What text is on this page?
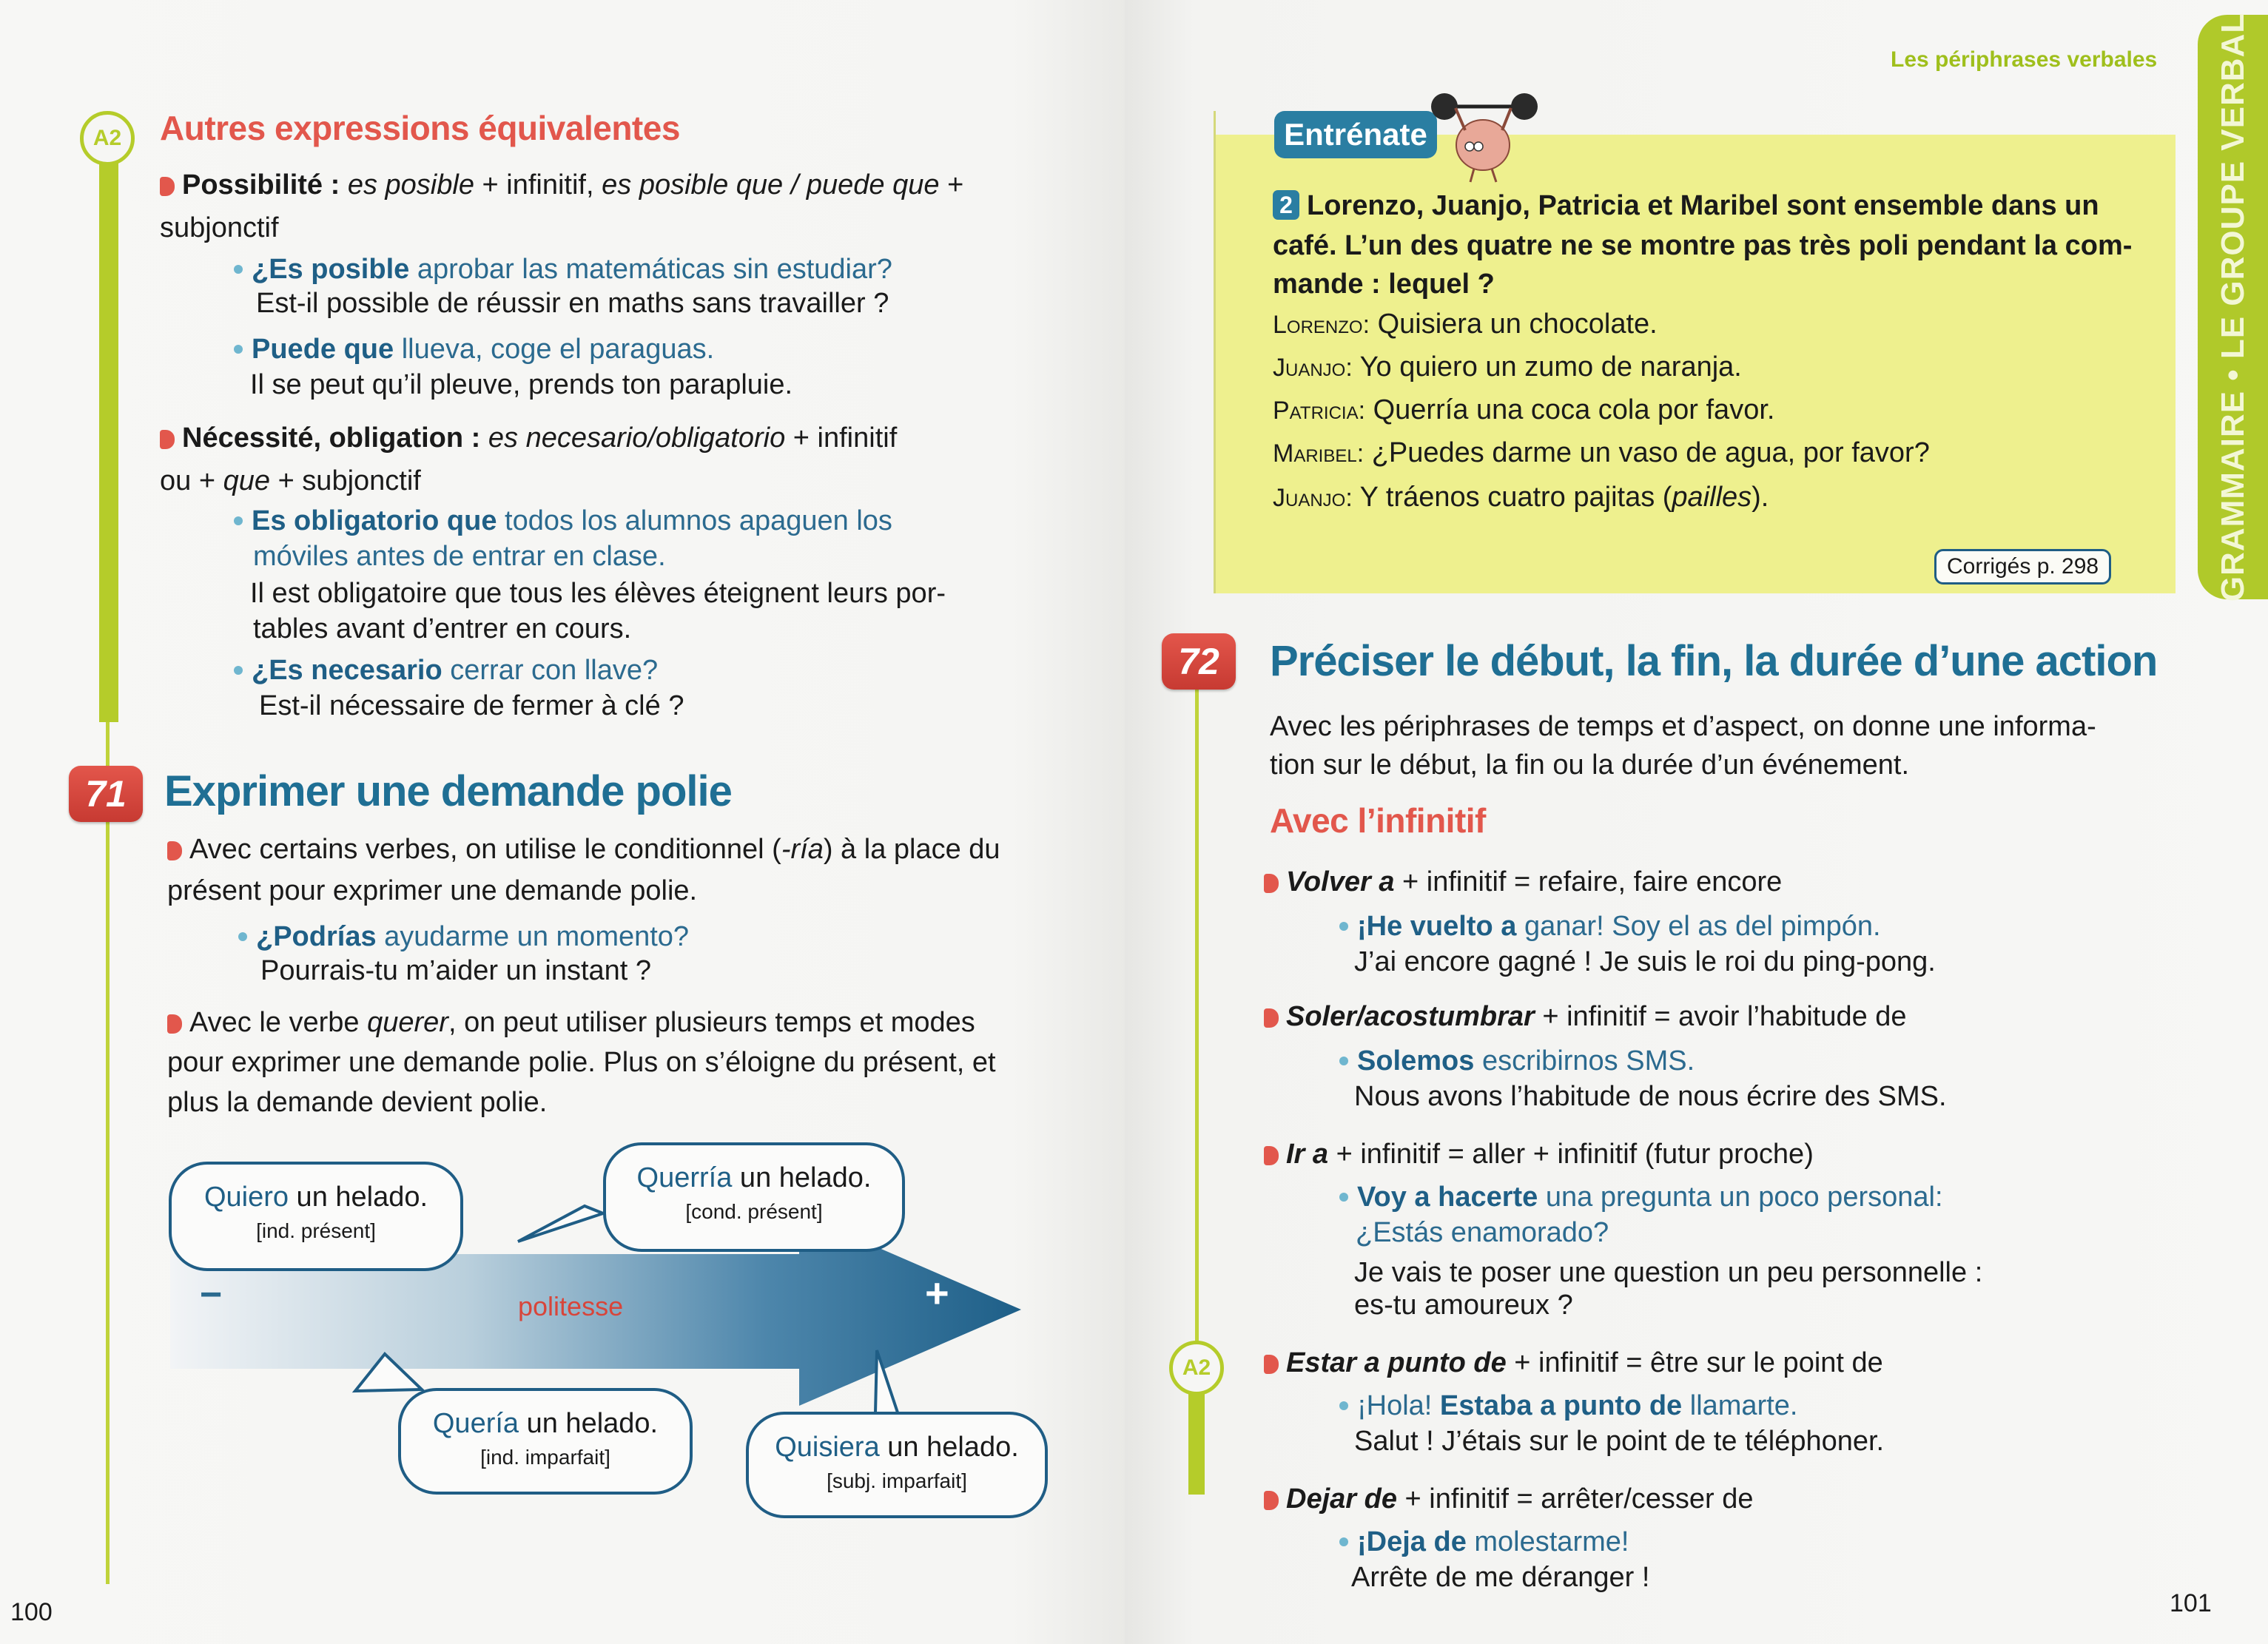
A2	Autres expressions équivalentes
Possibilité : es posible + infinitif, es posible que / puede que +
subjonctif
¿Es posible aprobar las matemáticas sin estudiar?
Est-il possible de réussir en maths sans travailler ?
Puede que llueva, coge el paraguas.
Il se peut qu’il pleuve, prends ton parapluie.
Nécessité, obligation : es necesario/obligatorio + infinitif
ou + que + subjonctif
Es obligatorio que todos los alumnos apaguen los
móviles antes de entrar en clase.
Il est obligatoire que tous les élèves éteignent leurs por-
tables avant d’entrer en cours.
¿Es necesario cerrar con llave?
Est-il nécessaire de fermer à clé ?
71 Exprimer une demande polie
Avec certains verbes, on utilise le conditionnel (-ría) à la place du
présent pour exprimer une demande polie.
¿Podrías ayudarme un momento?
Pourrais-tu m’aider un instant ?
Avec le verbe querer, on peut utiliser plusieurs temps et modes
pour exprimer une demande polie. Plus on s’éloigne du présent, et
plus la demande devient polie.
−	politesse	+
Quiero un helado.
[ind. présent]
Querría un helado.
[cond. présent]
Quería un helado.
[ind. imparfait]	Quisiera un helado.
[subj. imparfait]
100
Les périphrases verbales GRAMMAIRE • LE GROUPE VERBAL
Entrénate
2 Lorenzo, Juanjo, Patricia et Maribel sont ensemble dans un
café. L’un des quatre ne se montre pas très poli pendant la com-
mande : lequel ?
Lorenzo: Quisiera un chocolate.
Juanjo: Yo quiero un zumo de naranja.
Patricia: Querría una coca cola por favor.
Maribel: ¿Puedes darme un vaso de agua, por favor?
Juanjo: Y tráenos cuatro pajitas (pailles).
Corrigés p. 298
A2
72	Préciser le début, la fin, la durée d’une action
Avec les périphrases de temps et d’aspect, on donne une informa-
tion sur le début, la fin ou la durée d’un événement.
Avec l’infinitif
Volver a + infinitif = refaire, faire encore
¡He vuelto a ganar! Soy el as del pimpón.
J’ai encore gagné ! Je suis le roi du ping-pong.
Soler/acostumbrar + infinitif = avoir l’habitude de
Solemos escribirnos SMS.
Nous avons l’habitude de nous écrire des SMS.
Ir a + infinitif = aller + infinitif (futur proche)
Voy a hacerte una pregunta un poco personal:
¿Estás enamorado?
Je vais te poser une question un peu personnelle :
es-tu amoureux ?
Estar a punto de + infinitif = être sur le point de
¡Hola! Estaba a punto de llamarte.
Salut ! J’étais sur le point de te téléphoner.
Dejar de + infinitif = arrêter/cesser de
¡Deja de molestarme!
Arrête de me déranger !
101
